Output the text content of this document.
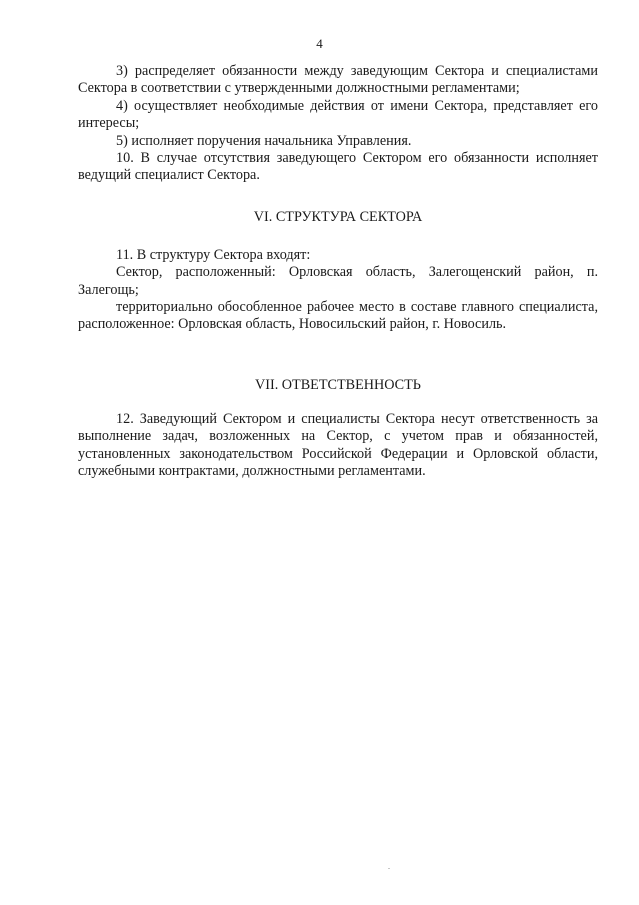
4

3) распределяет обязанности между заведующим Сектора и специалистами Сектора в соответствии с утвержденными должностными регламентами;

4) осуществляет необходимые действия от имени Сектора, представляет его интересы;

5) исполняет поручения начальника Управления.

10. В случае отсутствия заведующего Сектором его обязанности исполняет ведущий специалист Сектора.

VI. СТРУКТУРА СЕКТОРА

11. В структуру Сектора входят:

Сектор, расположенный: Орловская область, Залегощенский район, п. Залегощь;

территориально обособленное рабочее место в составе главного специалиста, расположенное: Орловская область, Новосильский район, г. Новосиль.

VII. ОТВЕТСТВЕННОСТЬ

12. Заведующий Сектором и специалисты Сектора несут ответственность за выполнение задач, возложенных на Сектор, с учетом прав и обязанностей, установленных законодательством Российской Федерации и Орловской области, служебными контрактами, должностными регламентами.
